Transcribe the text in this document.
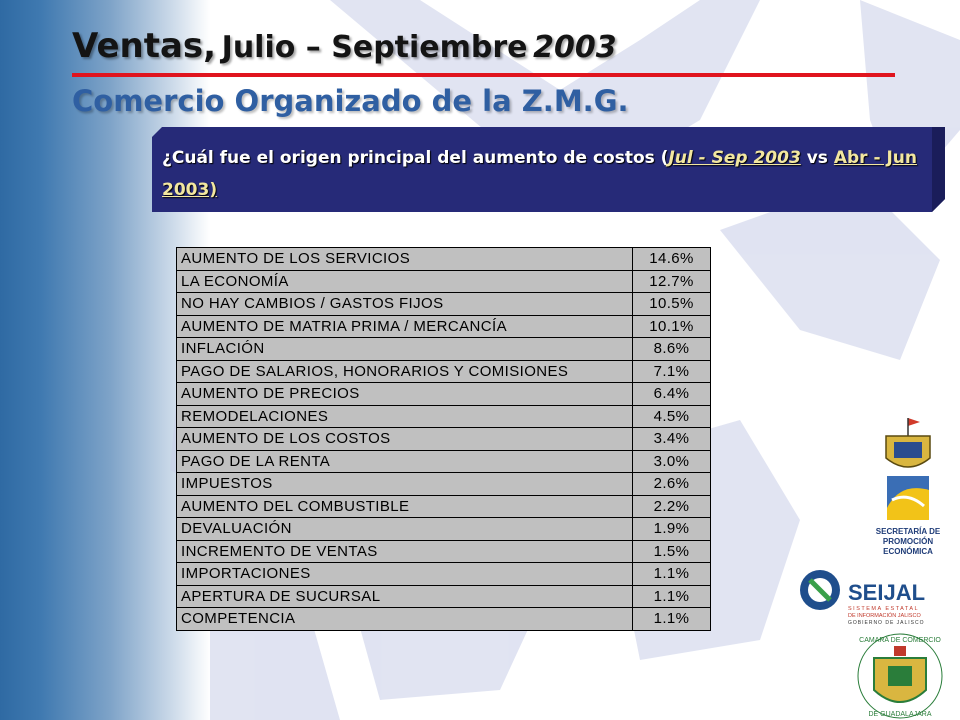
Ventas, Julio – Septiembre 2003
Comercio Organizado de la Z.M.G.
¿Cuál fue el origen principal del aumento de costos (Jul - Sep 2003 vs Abr - Jun 2003)
AUMENTO DE LOS SERVICIOS	14.6%
LA ECONOMÍA	12.7%
NO HAY CAMBIOS / GASTOS FIJOS	10.5%
AUMENTO DE MATRIA PRIMA / MERCANCÍA	10.1%
INFLACIÓN	8.6%
PAGO DE SALARIOS, HONORARIOS Y COMISIONES	7.1%
AUMENTO DE PRECIOS	6.4%
REMODELACIONES	4.5%
AUMENTO DE LOS COSTOS	3.4%
PAGO DE LA RENTA	3.0%
IMPUESTOS	2.6%
AUMENTO DEL COMBUSTIBLE	2.2%
DEVALUACIÓN	1.9%
INCREMENTO DE VENTAS	1.5%
IMPORTACIONES	1.1%
APERTURA DE SUCURSAL	1.1%
COMPETENCIA	1.1%
SECRETARÍA DE
PROMOCIÓN
ECONÓMICA
SEIJAL
SISTEMA ESTATAL
DE INFORMACIÓN JALISCO
GOBIERNO DE JALISCO
CAMARA DE COMERCIO
DE GUADALAJARA
